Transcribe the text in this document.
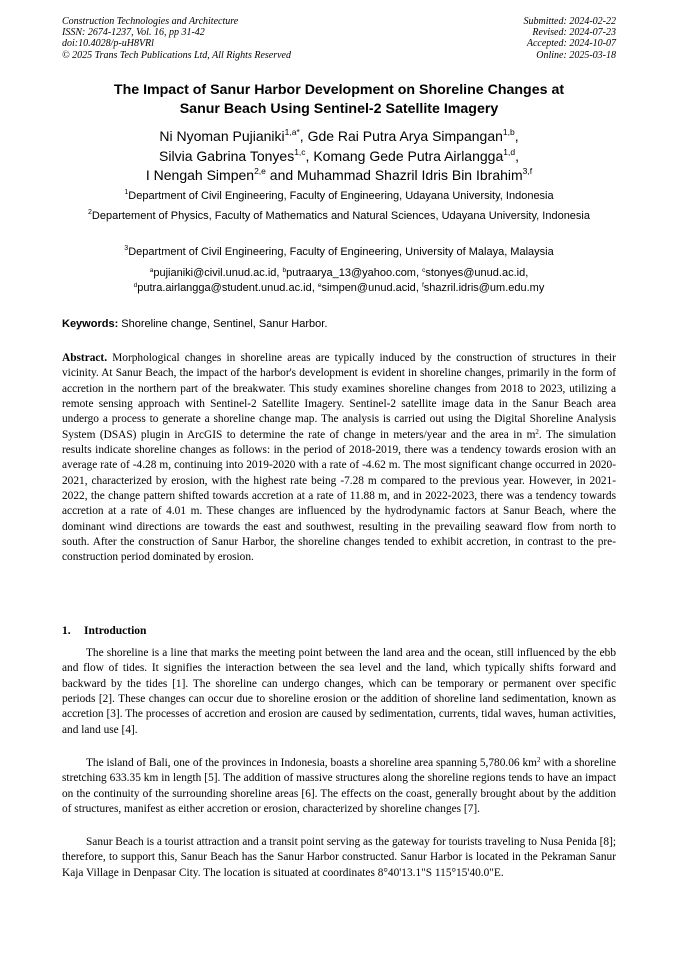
Construction Technologies and Architecture
ISSN: 2674-1237, Vol. 16, pp 31-42
doi:10.4028/p-uH8VRl
© 2025 Trans Tech Publications Ltd, All Rights Reserved
Submitted: 2024-02-22
Revised: 2024-07-23
Accepted: 2024-10-07
Online: 2025-03-18
The Impact of Sanur Harbor Development on Shoreline Changes at
Sanur Beach Using Sentinel-2 Satellite Imagery
Ni Nyoman Pujianiki$^{1,a*}$, Gde Rai Putra Arya Simpangan$^{1,b}$,
Silvia Gabrina Tonyes$^{1,c}$, Komang Gede Putra Airlangga$^{1,d}$,
I Nengah Simpen$^{2,e}$ and Muhammad Shazril Idris Bin Ibrahim$^{3,f}$
$^1$Department of Civil Engineering, Faculty of Engineering, Udayana University, Indonesia
$^2$Departement of Physics, Faculty of Mathematics and Natural Sciences, Udayana University, Indonesia
$^3$Department of Civil Engineering, Faculty of Engineering, University of Malaya, Malaysia
$^a$pujianiki@civil.unud.ac.id, $^b$putraarya_13@yahoo.com, $^c$stonyes@unud.ac.id,
$^d$putra.airlangga@student.unud.ac.id, $^e$simpen@unud.acid, $^f$shazril.idris@um.edu.my
Keywords: Shoreline change, Sentinel, Sanur Harbor.
Abstract. Morphological changes in shoreline areas are typically induced by the construction of structures in their vicinity. At Sanur Beach, the impact of the harbor's development is evident in shoreline changes, primarily in the form of accretion in the northern part of the breakwater. This study examines shoreline changes from 2018 to 2023, utilizing a remote sensing approach with Sentinel-2 Satellite Imagery. Sentinel-2 satellite image data in the Sanur Beach area undergo a process to generate a shoreline change map. The analysis is carried out using the Digital Shoreline Analysis System (DSAS) plugin in ArcGIS to determine the rate of change in meters/year and the area in $m^2$. The simulation results indicate shoreline changes as follows: in the period of 2018-2019, there was a tendency towards erosion with an average rate of -4.28 m, continuing into 2019-2020 with a rate of -4.62 m. The most significant change occurred in 2020-2021, characterized by erosion, with the highest rate being -7.28 m compared to the previous year. However, in 2021-2022, the change pattern shifted towards accretion at a rate of 11.88 m, and in 2022-2023, there was a tendency towards accretion at a rate of 4.01 m. These changes are influenced by the hydrodynamic factors at Sanur Beach, where the dominant wind directions are towards the east and southwest, resulting in the prevailing seaward flow from north to south. After the construction of Sanur Harbor, the shoreline changes tended to exhibit accretion, in contrast to the pre-construction period dominated by erosion.
1. Introduction

The shoreline is a line that marks the meeting point between the land area and the ocean, still influenced by the ebb and flow of tides. It signifies the interaction between the sea level and the land, which typically shifts forward and backward by the tides [1]. The shoreline can undergo changes, which can be temporary or permanent over specific periods [2]. These changes can occur due to shoreline erosion or the addition of shoreline land sedimentation, known as accretion [3]. The processes of accretion and erosion are caused by sedimentation, currents, tidal waves, human activities, and land use [4].

The island of Bali, one of the provinces in Indonesia, boasts a shoreline area spanning 5,780.06 $km^2$ with a shoreline stretching 633.35 km in length [5]. The addition of massive structures along the shoreline regions tends to have an impact on the continuity of the surrounding shoreline areas [6]. The effects on the coast, generally brought about by the addition of structures, manifest as either accretion or erosion, characterized by shoreline changes [7].

Sanur Beach is a tourist attraction and a transit point serving as the gateway for tourists traveling to Nusa Penida [8]; therefore, to support this, Sanur Beach has the Sanur Harbor constructed. Sanur Harbor is located in the Pekraman Sanur Kaja Village in Denpasar City. The location is situated at coordinates 8°40'13.1"S 115°15'40.0"E.
